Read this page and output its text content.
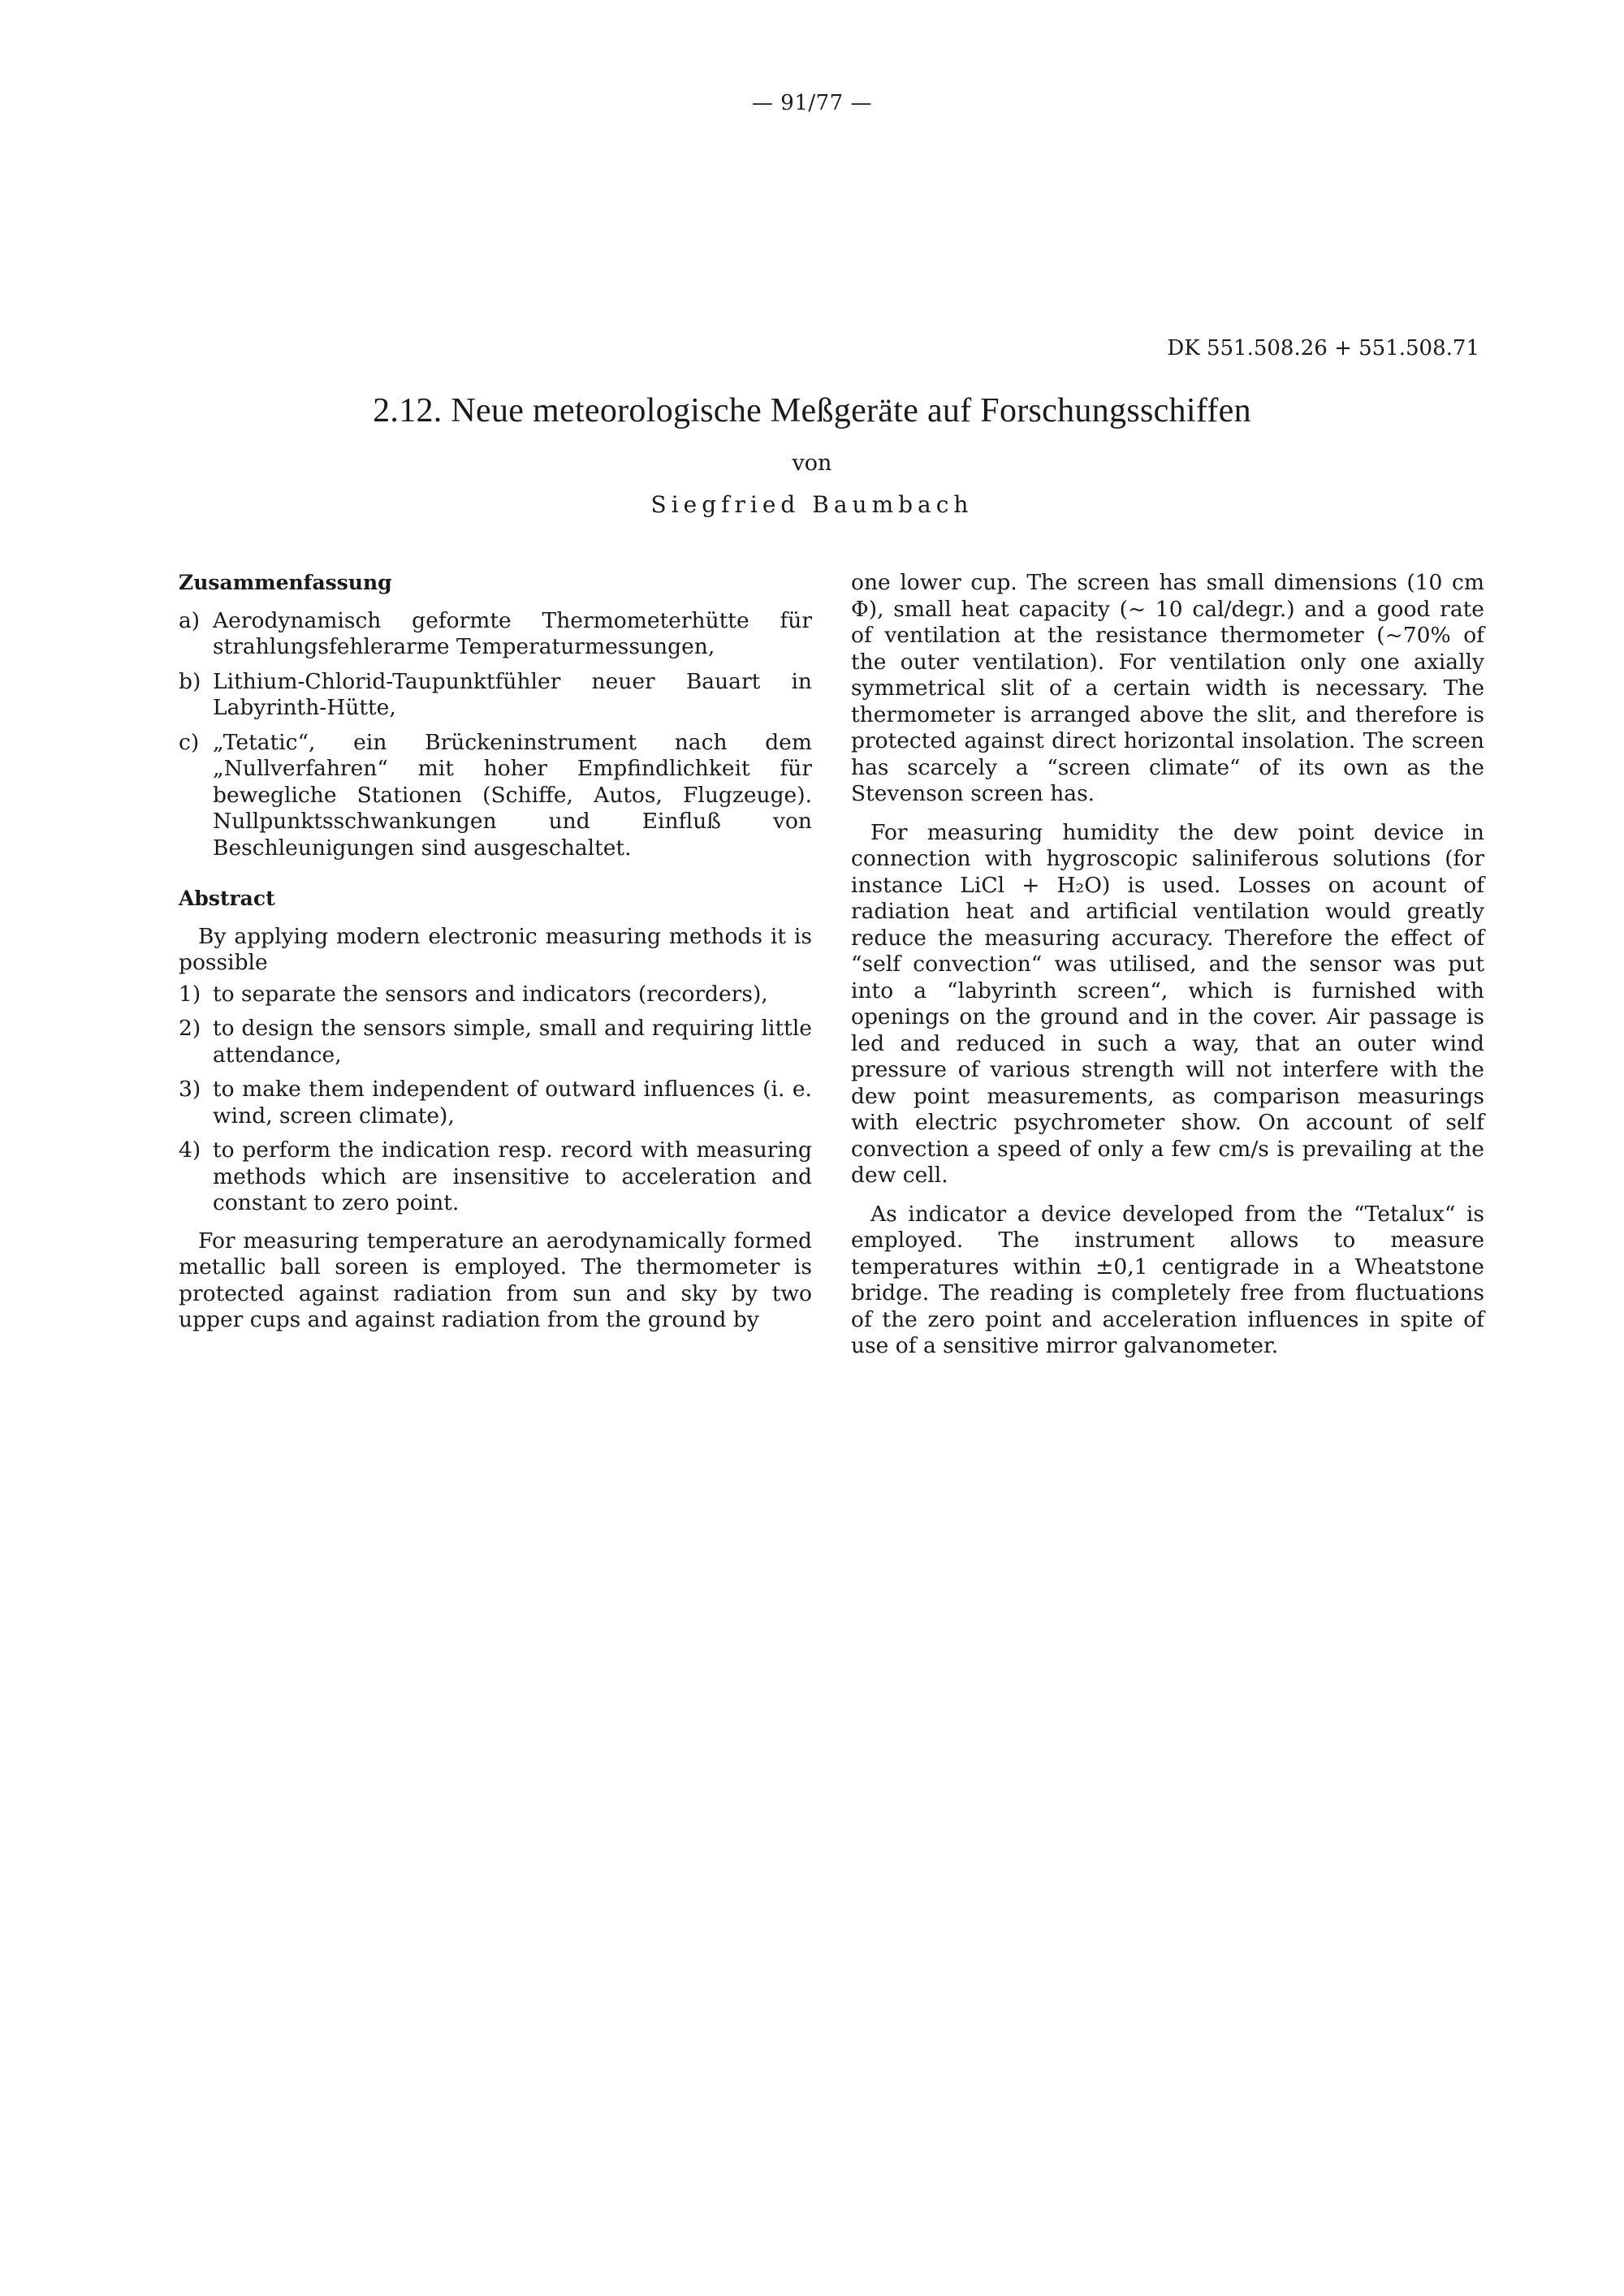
— 91/77 —
DK 551.508.26 + 551.508.71
2.12. Neue meteorologische Meßgeräte auf Forschungsschiffen
von
Siegfried Baumbach
Zusammenfassung
a) Aerodynamisch geformte Thermometerhütte für strahlungsfehlerarme Temperaturmessungen,
b) Lithium-Chlorid-Taupunktfühler neuer Bauart in Labyrinth-Hütte,
c) „Tetatic“, ein Brückeninstrument nach dem „Nullverfahren“ mit hoher Empfindlichkeit für bewegliche Stationen (Schiffe, Autos, Flugzeuge). Nullpunktsschwankungen und Einfluß von Beschleunigungen sind ausgeschaltet.
Abstract

By applying modern electronic measuring methods it is possible

1) to separate the sensors and indicators (recorders),
2) to design the sensors simple, small and requiring little attendance,
3) to make them independent of outward influences (i. e. wind, screen climate),
4) to perform the indication resp. record with measuring methods which are insensitive to acceleration and constant to zero point.

For measuring temperature an aerodynamically formed metallic ball soreen is employed. The thermometer is protected against radiation from sun and sky by two upper cups and against radiation from the ground by

one lower cup. The screen has small dimensions (10 cm Φ), small heat capacity (~ 10 cal/degr.) and a good rate of ventilation at the resistance thermometer (~70% of the outer ventilation). For ventilation only one axially symmetrical slit of a certain width is necessary. The thermometer is arranged above the slit, and therefore is protected against direct horizontal insolation. The screen has scarcely a “screen climate“ of its own as the Stevenson screen has.

For measuring humidity the dew point device in connection with hygroscopic saliniferous solutions (for instance LiCl + H₂O) is used. Losses on acount of radiation heat and artificial ventilation would greatly reduce the measuring accuracy. Therefore the effect of “self convection“ was utilised, and the sensor was put into a “labyrinth screen“, which is furnished with openings on the ground and in the cover. Air passage is led and reduced in such a way, that an outer wind pressure of various strength will not interfere with the dew point measurements, as comparison measurings with electric psychrometer show. On account of self convection a speed of only a few cm/s is prevailing at the dew cell.

As indicator a device developed from the “Tetalux“ is employed. The instrument allows to measure temperatures within ±0,1 centigrade in a Wheatstone bridge. The reading is completely free from fluctuations of the zero point and acceleration influences in spite of use of a sensitive mirror galvanometer.
